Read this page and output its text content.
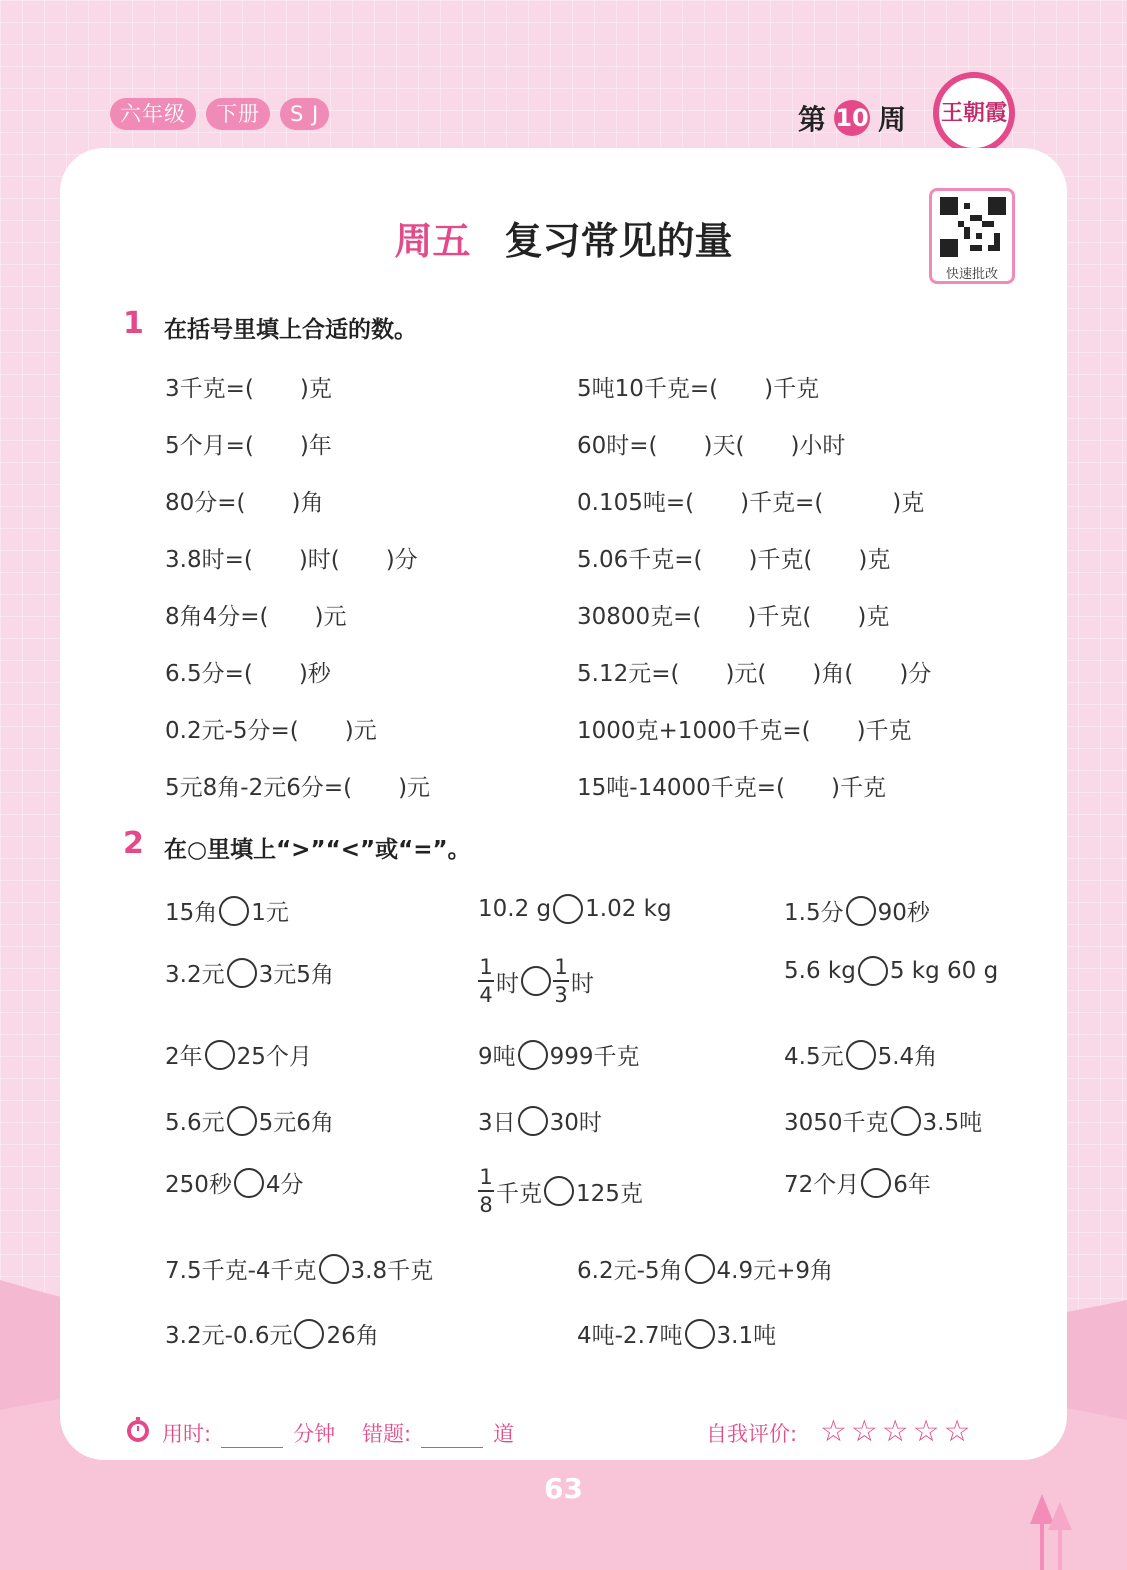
六年级	下册	S J	第 10 周	王朝霞
周五 复习常见的量
快速批改
1 在括号里填上合适的数。
3千克=(　　)克	5吨10千克=(　　)千克
5个月=(　　)年	60时=(　　)天(　　)小时
80分=(　　)角	0.105吨=(　　)千克=(　　　)克
3.8时=(　　)时(　　)分	5.06千克=(　　)千克(　　)克
8角4分=(　　)元	30800克=(　　)千克(　　)克
6.5分=(　　)秒	5.12元=(　　)元(　　)角(　　)分
0.2元-5分=(　　)元	1000克+1000千克=(　　)千克
5元8角-2元6分=(　　)元	15吨-14000千克=(　　)千克
2 在○里填上“>”“<”或“=”。
15角 1元	10.2 g 1.02 kg	1.5分 90秒
3.2元 3元5角	$\frac{1}{4}$ 时 $\frac{1}{3}$ 时	5.6 kg 5 kg 60 g
2年 25个月	9吨 999千克	4.5元 5.4角
5.6元 5元6角	3日 30时	3050千克 3.5吨
250秒 4分	$\frac{1}{8}$ 千克 125克	72个月 6年
7.5千克-4千克 3.8千克	6.2元-5角 4.9元+9角
3.2元-0.6元 26角	4吨-2.7吨 3.1吨
用时:	分钟 错题:	道	自我评价: ☆☆☆☆☆
63
